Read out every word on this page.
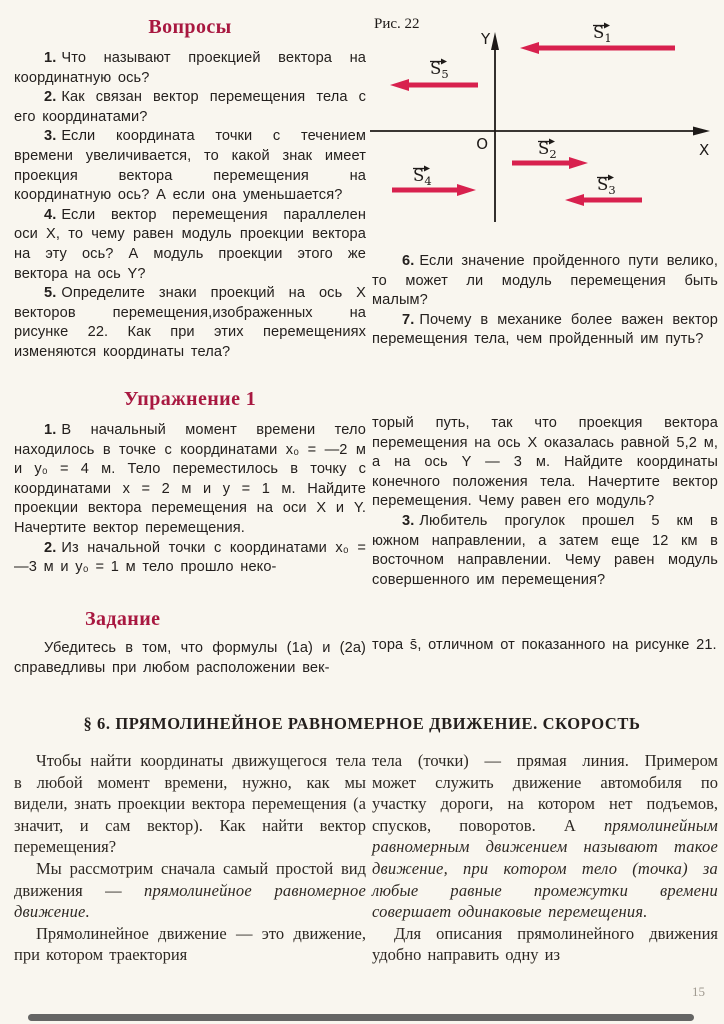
Вопросы

1. Что называют проекцией вектора на координатную ось?

2. Как связан вектор перемещения тела с его координатами?

3. Если координата точки с течением времени увеличивается, то какой знак имеет проекция вектора перемещения на координатную ось? А если она уменьшается?

4. Если вектор перемещения параллелен оси X, то чему равен модуль проекции вектора на эту ось? А модуль проекции этого же вектора на ось Y?

5. Определите знаки проекций на ось X векторов перемещения,изображенных на рисунке 22. Как при этих перемещениях изменяются координаты тела?

Рис. 22
Y
X
O
$S_1$
$S_5$
$S_2$
$S_4$	$S_3$

6. Если значение пройденного пути велико, то может ли модуль перемещения быть малым?

7. Почему в механике более важен вектор перемещения тела, чем пройденный им путь?

Упражнение 1

1. В начальный момент времени тело находилось в точке с координатами x₀ = —2 м и y₀ = 4 м. Тело переместилось в точку с координатами x = 2 м и y = 1 м. Найдите проекции вектора перемещения на оси X и Y. Начертите вектор перемещения.

2. Из начальной точки с координатами x₀ = —3 м и y₀ = 1 м тело прошло неко-

торый путь, так что проекция вектора перемещения на ось X оказалась равной 5,2 м, а на ось Y — 3 м. Найдите координаты конечного положения тела. Начертите вектор перемещения. Чему равен его модуль?

3. Любитель прогулок прошел 5 км в южном направлении, а затем еще 12 км в восточном направлении. Чему равен модуль совершенного им перемещения?

Задание

Убедитесь в том, что формулы (1а) и (2а) справедливы при любом расположении век-

тора s̄, отличном от показанного на рисунке 21.

§ 6. ПРЯМОЛИНЕЙНОЕ РАВНОМЕРНОЕ ДВИЖЕНИЕ. СКОРОСТЬ

Чтобы найти координаты движущегося тела в любой момент времени, нужно, как мы видели, знать проекции вектора перемещения (а значит, и сам вектор). Как найти вектор перемещения?

Мы рассмотрим сначала самый простой вид движения — прямолинейное равномерное движение.

Прямолинейное движение — это движение, при котором траектория

тела (точки) — прямая линия. Примером может служить движение автомобиля по участку дороги, на котором нет подъемов, спусков, поворотов. А прямолинейным равномерным движением называют такое движение, при котором тело (точка) за любые равные промежутки времени совершает одинаковые перемещения.

Для описания прямолинейного движения удобно направить одну из

15
